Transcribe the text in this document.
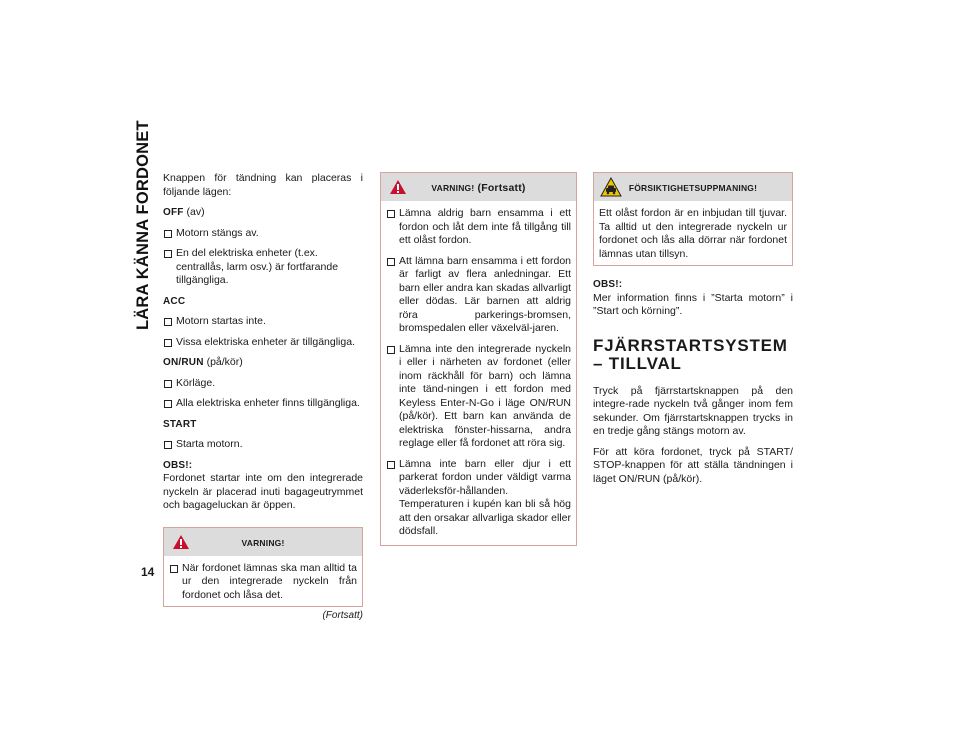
LÄRA KÄNNA FORDONET
14

Knappen för tändning kan placeras i följande lägen:

OFF (av)

Motorn stängs av.
En del elektriska enheter (t.ex. centrallås, larm osv.) är fortfarande tillgängliga.

ACC

Motorn startas inte.
Vissa elektriska enheter är tillgängliga.

ON/RUN (på/kör)

Körläge.
Alla elektriska enheter finns tillgängliga.

START

Starta motorn.

OBS!:

Fordonet startar inte om den integrerade nyckeln är placerad inuti bagageutrymmet och bagageluckan är öppen.

VARNING!
När fordonet lämnas ska man alltid ta ur den integrerade nyckeln från fordonet och låsa det.
(Fortsatt)
VARNING! (Fortsatt)
Lämna aldrig barn ensamma i ett fordon och låt dem inte få tillgång till ett olåst fordon.
Att lämna barn ensamma i ett fordon är farligt av flera anledningar. Ett barn eller andra kan skadas allvarligt eller dödas. Lär barnen att aldrig röra parkerings-bromsen, bromspedalen eller växelväl-jaren.
Lämna inte den integrerade nyckeln i eller i närheten av fordonet (eller inom räckhåll för barn) och lämna inte tänd-ningen i ett fordon med Keyless Enter-N-Go i läge ON/RUN (på/kör). Ett barn kan använda de elektriska fönster-hissarna, andra reglage eller få fordonet att röra sig.
Lämna inte barn eller djur i ett parkerat fordon under väldigt varma väderleksför-hållanden. Temperaturen i kupén kan bli så hög att den orsakar allvarliga skador eller dödsfall.
FÖRSIKTIGHETSUPPMANING!
Ett olåst fordon är en inbjudan till tjuvar. Ta alltid ut den integrerade nyckeln ur fordonet och lås alla dörrar när fordonet lämnas utan tillsyn.

OBS!:

Mer information finns i ”Starta motorn” i ”Start och körning”.

FJÄRRSTARTSYSTEM – TILLVAL

Tryck på fjärrstartsknappen på den integre-rade nyckeln två gånger inom fem sekunder. Om fjärrstartsknappen trycks in en tredje gång stängs motorn av.

För att köra fordonet, tryck på START/ STOP-knappen för att ställa tändningen i läget ON/RUN (på/kör).
